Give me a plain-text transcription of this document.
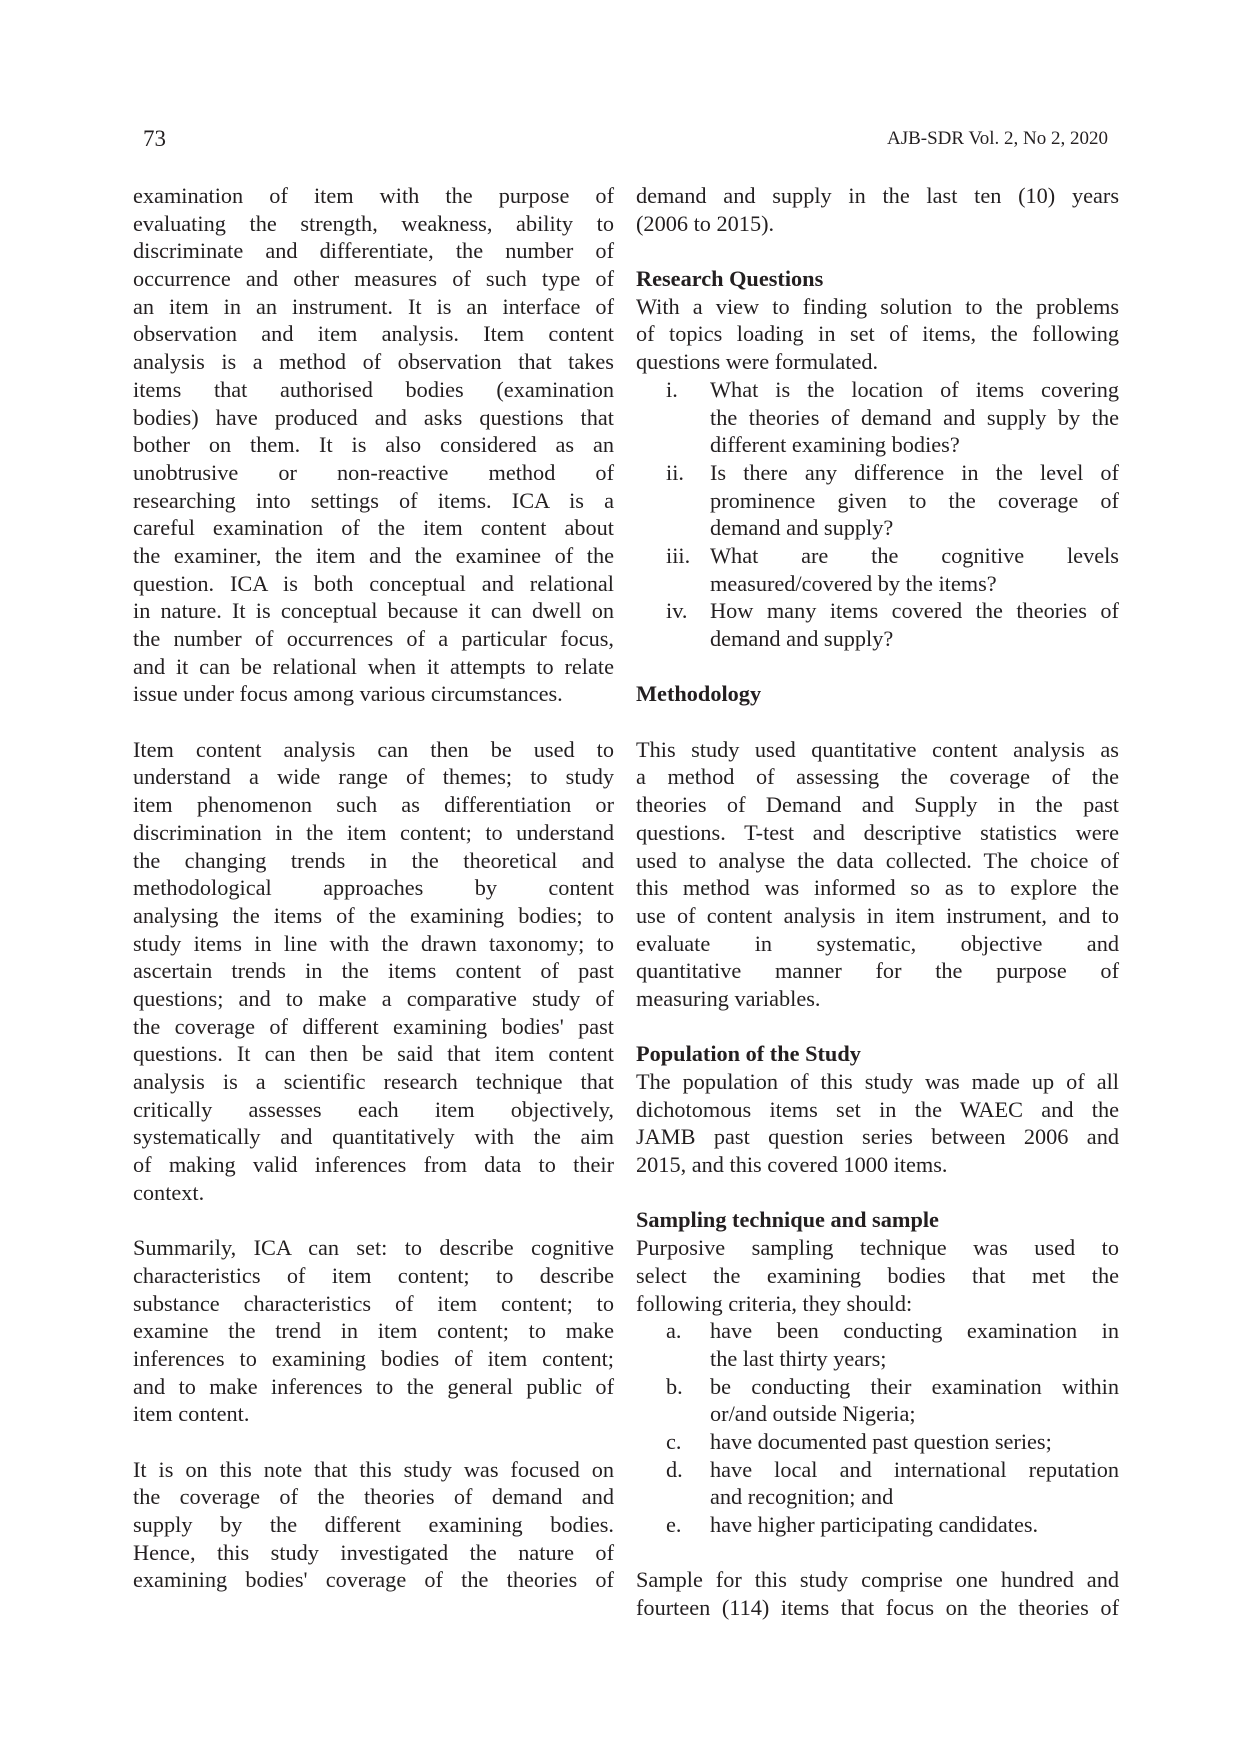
73	AJB-SDR Vol. 2, No 2, 2020
examination of item with the purpose of
evaluating the strength, weakness, ability to
discriminate and differentiate, the number of
occurrence and other measures of such type of
an item in an instrument. It is an interface of
observation and item analysis. Item content
analysis is a method of observation that takes
items that authorised bodies (examination
bodies) have produced and asks questions that
bother on them. It is also considered as an
unobtrusive or non-reactive method of
researching into settings of items. ICA is a
careful examination of the item content about
the examiner, the item and the examinee of the
question. ICA is both conceptual and relational
in nature. It is conceptual because it can dwell on
the number of occurrences of a particular focus,
and it can be relational when it attempts to relate
issue under focus among various circumstances.
Item content analysis can then be used to
understand a wide range of themes; to study
item phenomenon such as differentiation or
discrimination in the item content; to understand
the changing trends in the theoretical and
methodological approaches by content
analysing the items of the examining bodies; to
study items in line with the drawn taxonomy; to
ascertain trends in the items content of past
questions; and to make a comparative study of
the coverage of different examining bodies' past
questions. It can then be said that item content
analysis is a scientific research technique that
critically assesses each item objectively,
systematically and quantitatively with the aim
of making valid inferences from data to their
context.
Summarily, ICA can set: to describe cognitive
characteristics of item content; to describe
substance characteristics of item content; to
examine the trend in item content; to make
inferences to examining bodies of item content;
and to make inferences to the general public of
item content.
It is on this note that this study was focused on
the coverage of the theories of demand and
supply by the different examining bodies.
Hence, this study investigated the nature of
examining bodies' coverage of the theories of
demand and supply in the last ten (10) years
(2006 to 2015).
Research Questions
With a view to finding solution to the problems
of topics loading in set of items, the following
questions were formulated.
i.	What is the location of items covering
the theories of demand and supply by the
different examining bodies?
ii.	Is there any difference in the level of
prominence given to the coverage of
demand and supply?
iii. What are the cognitive levels
measured/covered by the items?
iv.	How many items covered the theories of
demand and supply?
Methodology
This study used quantitative content analysis as
a method of assessing the coverage of the
theories of Demand and Supply in the past
questions. T-test and descriptive statistics were
used to analyse the data collected. The choice of
this method was informed so as to explore the
use of content analysis in item instrument, and to
evaluate in systematic, objective and
quantitative manner for the purpose of
measuring variables.
Population of the Study
The population of this study was made up of all
dichotomous items set in the WAEC and the
JAMB past question series between 2006 and
2015, and this covered 1000 items.
Sampling technique and sample
Purposive sampling technique was used to
select the examining bodies that met the
following criteria, they should:
a.	have been conducting examination in
the last thirty years;
b.	be conducting their examination within
or/and outside Nigeria;
c.	have documented past question series;
d.	have local and international reputation
and recognition; and
e.	have higher participating candidates.
Sample for this study comprise one hundred and
fourteen (114) items that focus on the theories of
